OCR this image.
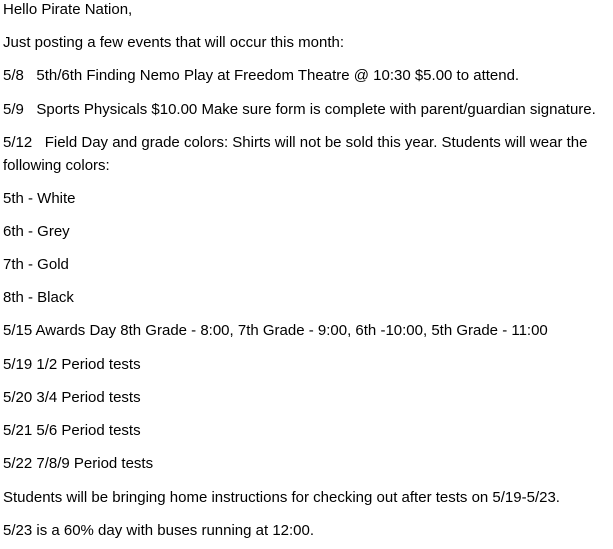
Hello Pirate Nation,

Just posting a few events that will occur this month:

5/8   5th/6th Finding Nemo Play at Freedom Theatre @ 10:30 $5.00 to attend.

5/9   Sports Physicals $10.00 Make sure form is complete with parent/guardian signature.

5/12   Field Day and grade colors: Shirts will not be sold this year. Students will wear the following colors:

5th - White

6th - Grey

7th - Gold

8th - Black

5/15 Awards Day 8th Grade - 8:00, 7th Grade - 9:00, 6th -10:00, 5th Grade - 11:00

5/19 1/2 Period tests

5/20 3/4 Period tests

5/21 5/6 Period tests

5/22 7/8/9 Period tests

Students will be bringing home instructions for checking out after tests on 5/19-5/23.

5/23 is a 60% day with buses running at 12:00.
